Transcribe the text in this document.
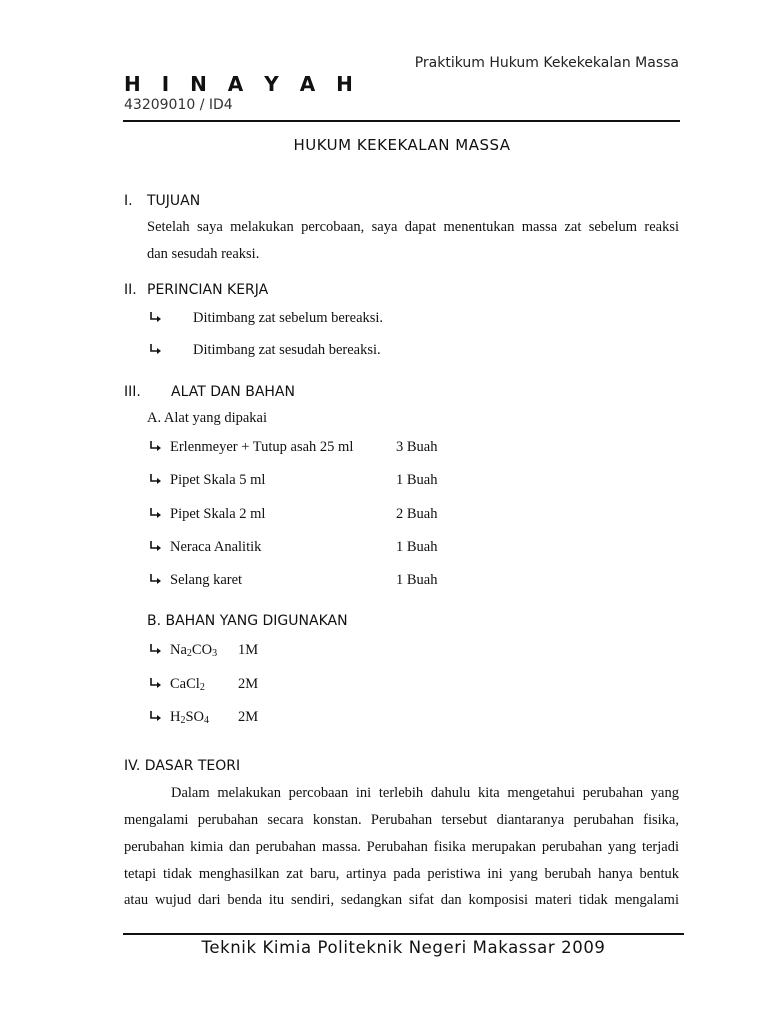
Praktikum Hukum Kekekekalan Massa
H I N A Y A H
43209010 / ID4
HUKUM KEKEKALAN MASSA
I. TUJUAN
Setelah saya melakukan percobaan, saya dapat menentukan massa zat sebelum reaksi
dan sesudah reaksi.
II. PERINCIAN KERJA
Ditimbang zat sebelum bereaksi.
Ditimbang zat sesudah bereaksi.
III. ALAT DAN BAHAN
A. Alat yang dipakai
Erlenmeyer + Tutup asah 25 ml	3 Buah
Pipet Skala 5 ml	1 Buah
Pipet Skala 2 ml	2 Buah
Neraca Analitik	1 Buah
Selang karet	1 Buah
B. BAHAN YANG DIGUNAKAN
$Na_2CO_3$ 1M
CaCl$_2$ 2M
$H_2SO_4$ 2M
IV. DASAR TEORI
Dalam melakukan percobaan ini terlebih dahulu kita mengetahui perubahan yang
mengalami perubahan secara konstan. Perubahan tersebut diantaranya perubahan fisika,
perubahan kimia dan perubahan massa. Perubahan fisika merupakan perubahan yang terjadi
tetapi tidak menghasilkan zat baru, artinya pada peristiwa ini yang berubah hanya bentuk
atau wujud dari benda itu sendiri, sedangkan sifat dan komposisi materi tidak mengalami
Teknik Kimia Politeknik Negeri Makassar 2009
